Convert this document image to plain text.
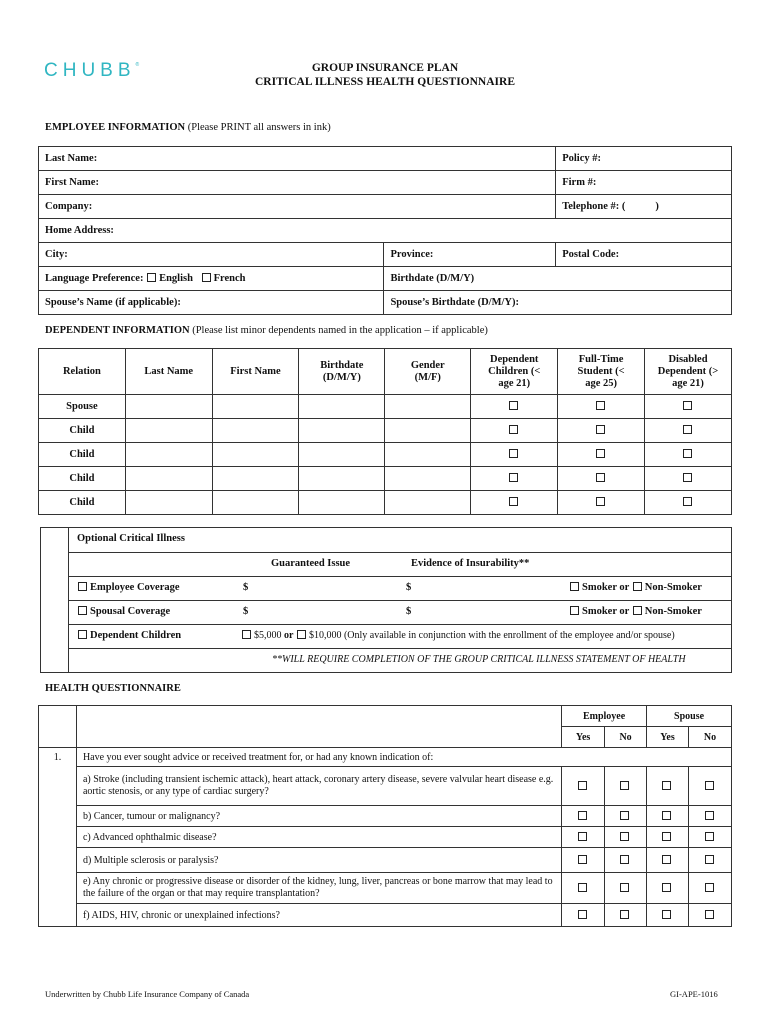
CHUBB®	GROUP INSURANCE PLAN
CRITICAL ILLNESS HEALTH QUESTIONNAIRE
EMPLOYEE INFORMATION (Please PRINT all answers in ink)
Last Name:		Policy #:
First Name:		Firm #:
Company:		Telephone #: ( )
Home Address:		
City:	Province:	Postal Code:
Language Preference: English French	Birthdate (D/M/Y)	
Spouse’s Name (if applicable):	Spouse’s Birthdate (D/M/Y):	
DEPENDENT INFORMATION (Please list minor dependents named in the application – if applicable)
Relation	Last Name	First Name	Birthdate (D/M/Y)	Gender (M/F)	Dependent Children (< age 21)	Full-Time Student (< age 25)	Disabled Dependent (> age 21)
Spouse							
Child							
Child							
Child							
Child							
Optional Critical Illness
Guaranteed Issue	Evidence of Insurability**
Employee Coverage	$	$	Smoker or Non-Smoker
Spousal Coverage	$	$	Smoker or Non-Smoker
Dependent Children	$5,000 or $10,000 (Only available in conjunction with the enrollment of the employee and/or spouse)
**WILL REQUIRE COMPLETION OF THE GROUP CRITICAL ILLNESS STATEMENT OF HEALTH
HEALTH QUESTIONNAIRE
		Employee		Spouse	
		Yes	No	Yes	No
1.	Have you ever sought advice or received treatment for, or had any known indication of:				
	a) Stroke (including transient ischemic attack), heart attack, coronary artery disease, severe valvular heart disease e.g. aortic stenosis, or any type of cardiac surgery?				
	b) Cancer, tumour or malignancy?				
	c) Advanced ophthalmic disease?				
	d) Multiple sclerosis or paralysis?				
	e) Any chronic or progressive disease or disorder of the kidney, lung, liver, pancreas or bone marrow that may lead to the failure of the organ or that may require transplantation?				
	f) AIDS, HIV, chronic or unexplained infections?				
Underwritten by Chubb Life Insurance Company of Canada	GI-APE-1016
